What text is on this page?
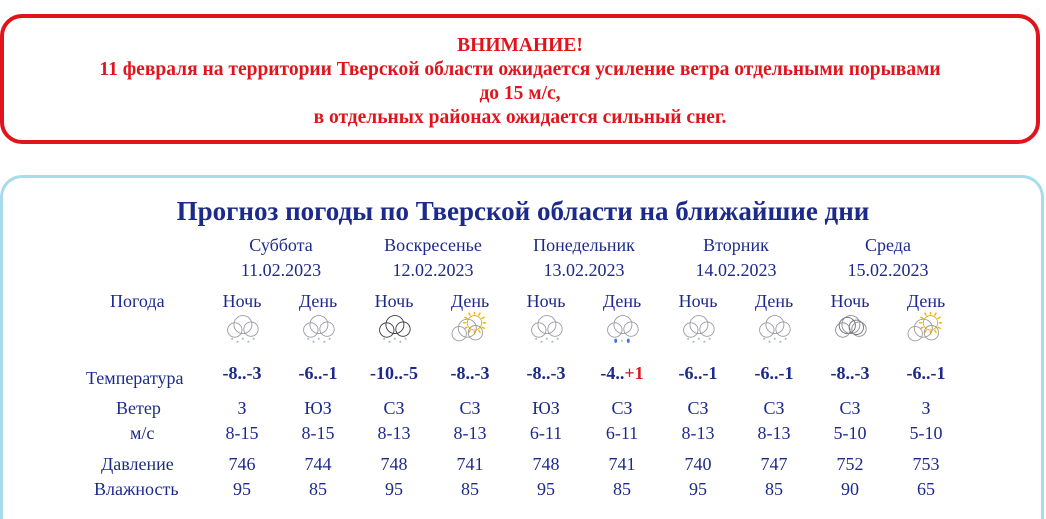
ВНИМАНИЕ!
11 февраля на территории Тверской области ожидается усиление ветра отдельными порывами
до 15 м/с,
в отдельных районах ожидается сильный снег.
Прогноз погоды по Тверской области на ближайшие дни
Погода
Температура
Ветер
м/с
Давление
Влажность
Суббота
11.02.2023
Воскресенье
12.02.2023
Понедельник
13.02.2023
Вторник
14.02.2023
Среда
15.02.2023
Ночь
* * * * *
-8..-3
З
8-15
746
95
День
* * * * *
-6..-1
ЮЗ
8-15
744
85
Ночь
* * * * *
-10..-5
СЗ
8-13
748
95
День
-8..-3
СЗ
8-13
741
85
Ночь
* * * * *
-8..-3
ЮЗ
6-11
748
95
День
*
-4..+1
СЗ
6-11
741
85
Ночь
* * * * *
-6..-1
СЗ
8-13
740
95
День
* * * * *
-6..-1
СЗ
8-13
747
85
Ночь
-8..-3
СЗ
5-10
752
90
День
-6..-1
З
5-10
753
65
